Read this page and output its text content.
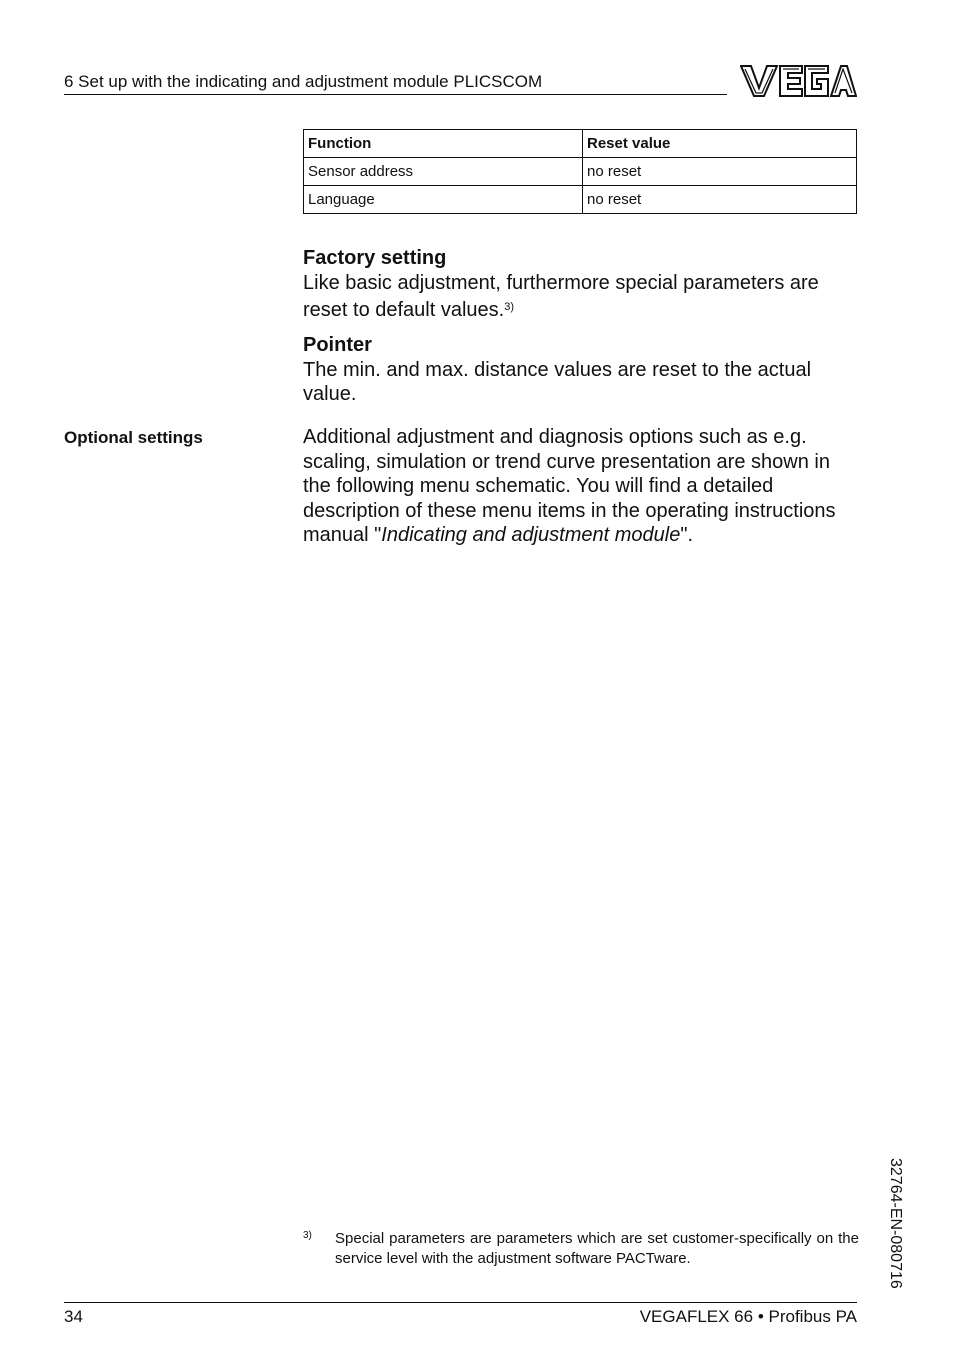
6 Set up with the indicating and adjustment module PLICSCOM
Function	Reset value
Sensor address	no reset
Language	no reset
Factory setting

Like basic adjustment, furthermore special parameters are reset to default values.$^{3)}$

Pointer

The min. and max. distance values are reset to the actual value.

Optional settings	Additional adjustment and diagnosis options such as e.g. scaling, simulation or trend curve presentation are shown in the following menu schematic. You will find a detailed description of these menu items in the operating instructions manual "Indicating and adjustment module".

32764-EN-080716
3) Special parameters are parameters which are set customer-specifically on the service level with the adjustment software PACTware.
34	VEGAFLEX 66 • Profibus PA
